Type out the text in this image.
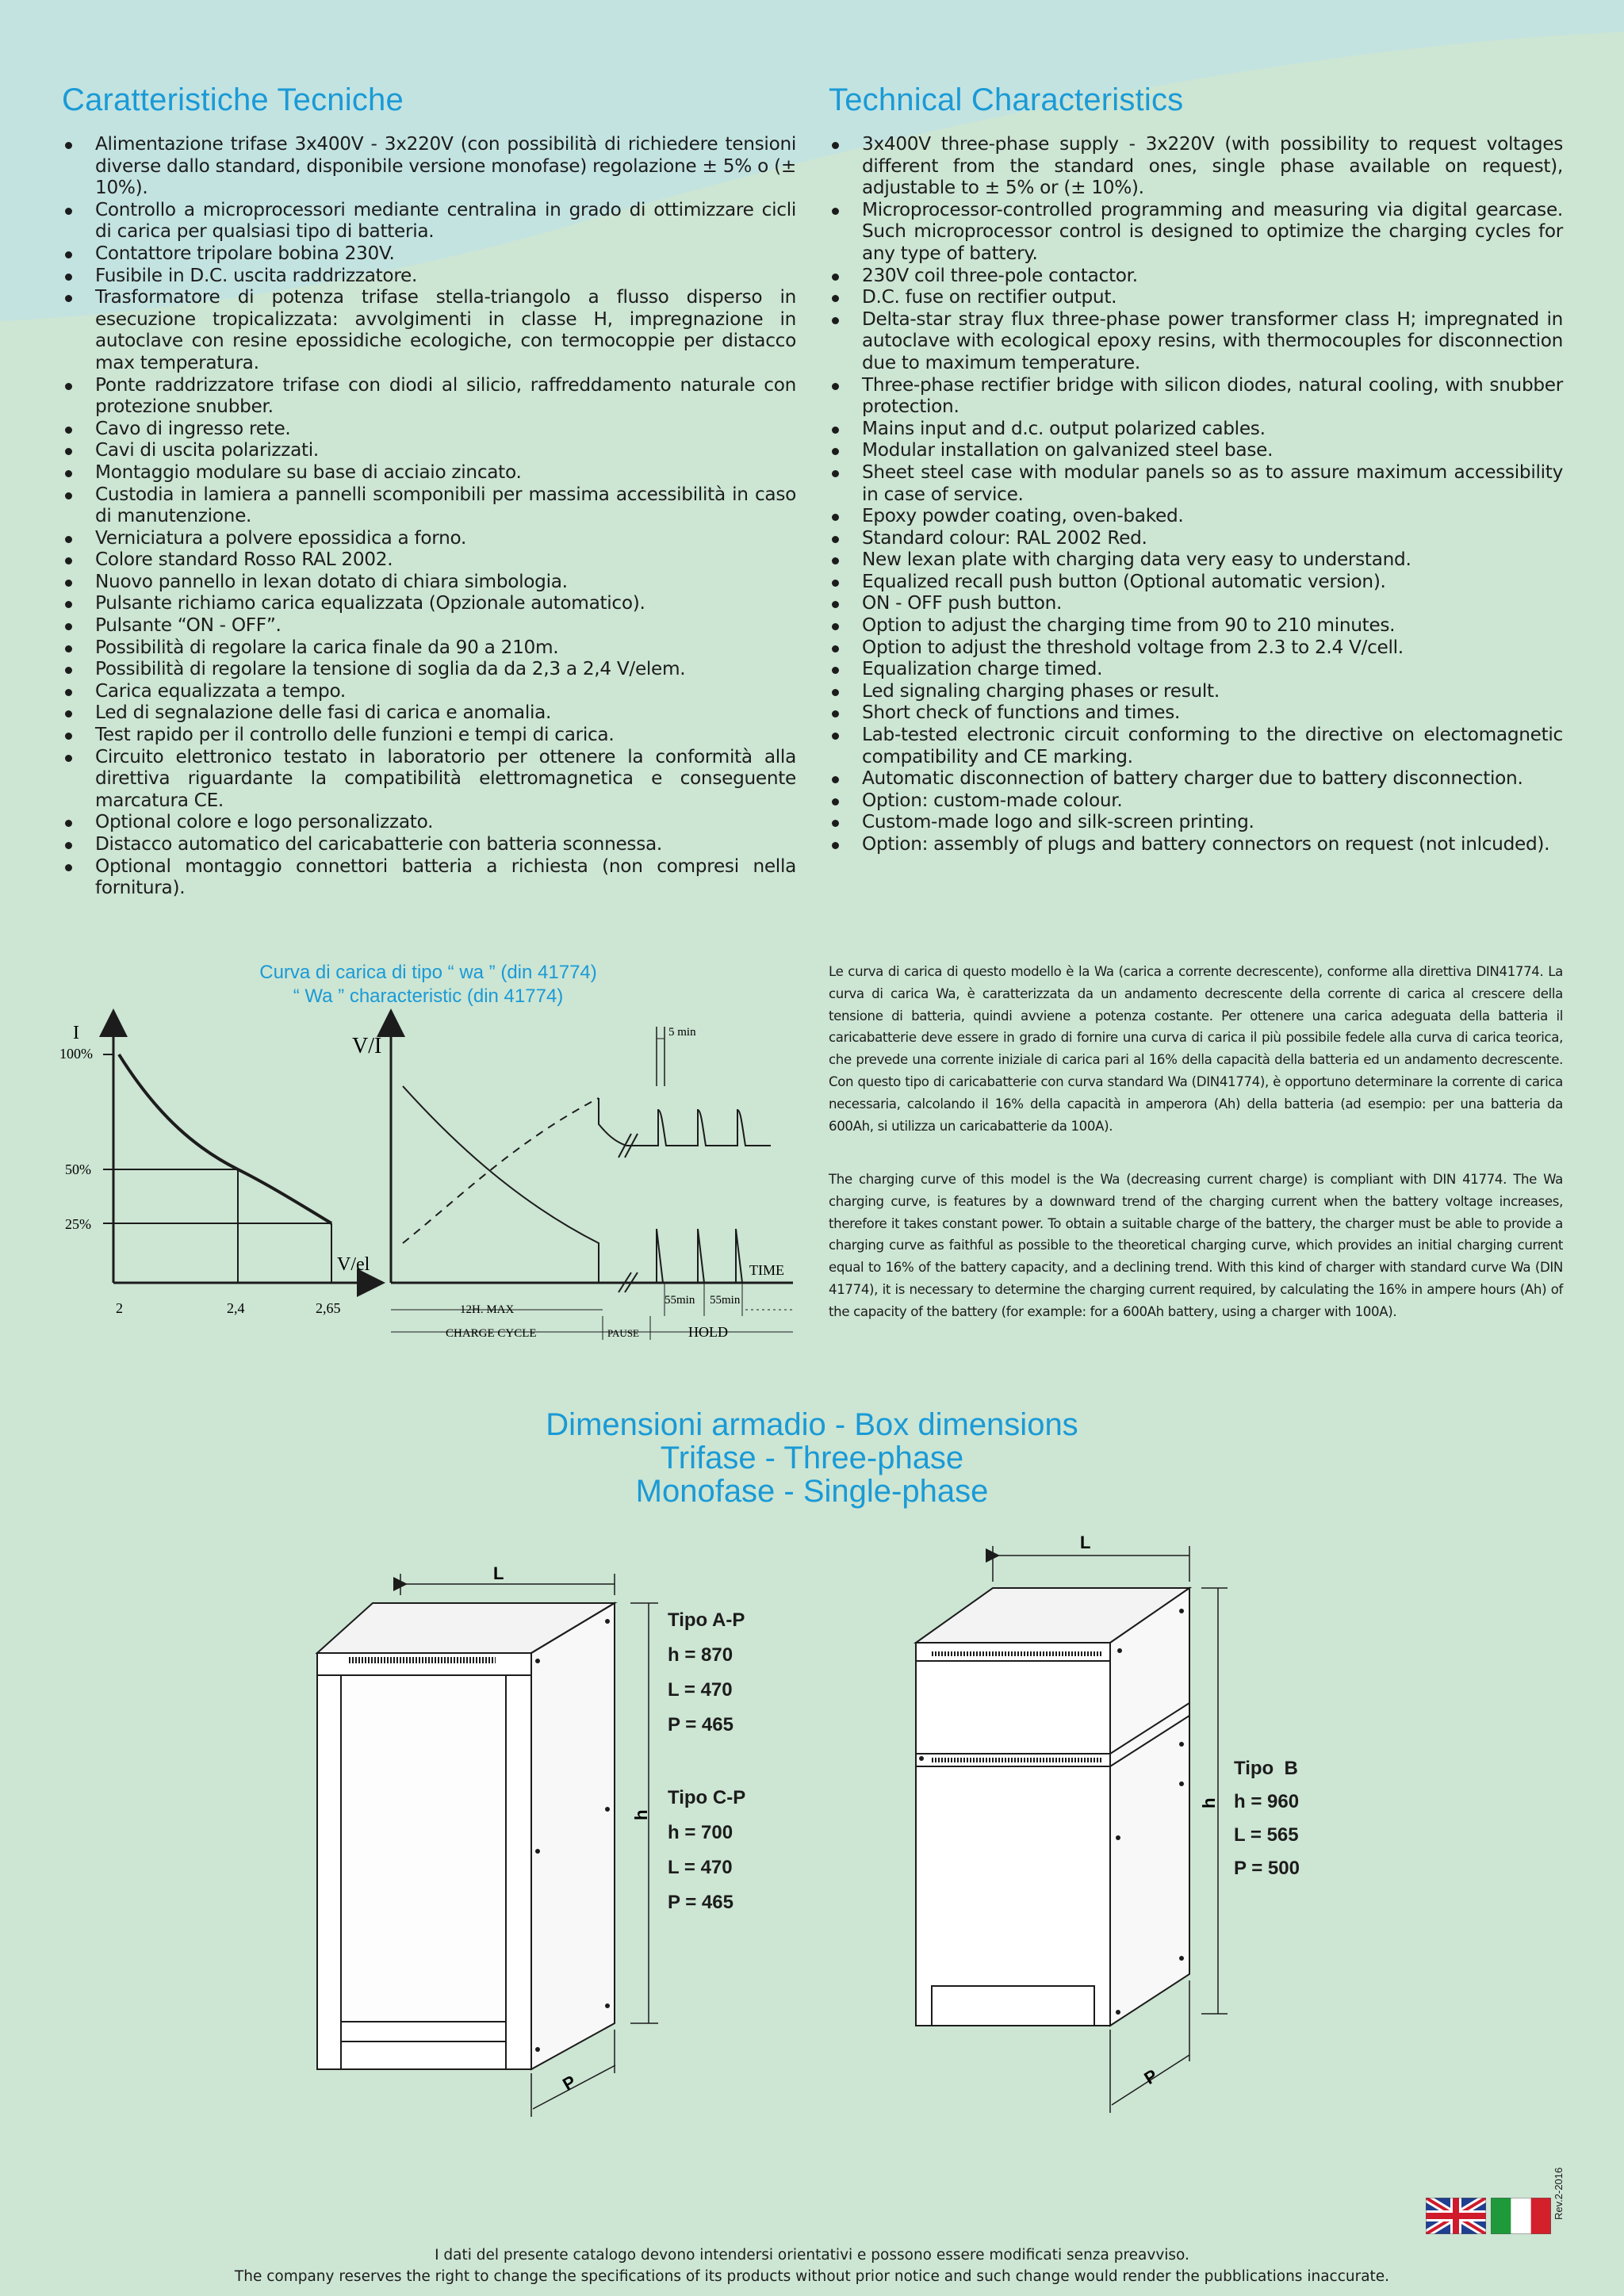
Caratteristiche Tecniche
Alimentazione trifase 3x400V - 3x220V (con possibilità di richiedere tensioni diverse dallo standard, disponibile versione monofase) regolazione ± 5% o (± 10%).
Controllo a microprocessori mediante centralina in grado di ottimizzare cicli di carica per qualsiasi tipo di batteria.
Contattore tripolare bobina 230V.
Fusibile in D.C. uscita raddrizzatore.
Trasformatore di potenza trifase stella-triangolo a flusso disperso in esecuzione tropicalizzata: avvolgimenti in classe H, impregnazione in autoclave con resine epossidiche ecologiche, con termocoppie per distacco max temperatura.
Ponte raddrizzatore trifase con diodi al silicio, raffreddamento naturale con protezione snubber.
Cavo di ingresso rete.
Cavi di uscita polarizzati.
Montaggio modulare su base di acciaio zincato.
Custodia in lamiera a pannelli scomponibili per massima accessibilità in caso di manutenzione.
Verniciatura a polvere epossidica a forno.
Colore standard Rosso RAL 2002.
Nuovo pannello in lexan dotato di chiara simbologia.
Pulsante richiamo carica equalizzata (Opzionale automatico).
Pulsante “ON - OFF”.
Possibilità di regolare la carica finale da 90 a 210m.
Possibilità di regolare la tensione di soglia da da 2,3 a 2,4 V/elem.
Carica equalizzata a tempo.
Led di segnalazione delle fasi di carica e anomalia.
Test rapido per il controllo delle funzioni e tempi di carica.
Circuito elettronico testato in laboratorio per ottenere la conformità alla direttiva riguardante la compatibilità elettromagnetica e conseguente marcatura CE.
Optional colore e logo personalizzato.
Distacco automatico del caricabatterie con batteria sconnessa.
Optional montaggio connettori batteria a richiesta (non compresi nella fornitura).
Technical Characteristics
3x400V three-phase supply - 3x220V (with possibility to request voltages different from the standard ones, single phase available on request), adjustable to ± 5% or (± 10%).
Microprocessor-controlled programming and measuring via digital gearcase. Such microprocessor control is designed to optimize the charging cycles for any type of battery.
230V coil three-pole contactor.
D.C. fuse on rectifier output.
Delta-star stray flux three-phase power transformer class H; impregnated in autoclave with ecological epoxy resins, with thermocouples for disconnection due to maximum temperature.
Three-phase rectifier bridge with silicon diodes, natural cooling, with snubber protection.
Mains input and d.c. output polarized cables.
Modular installation on galvanized steel base.
Sheet steel case with modular panels so as to assure maximum accessibility in case of service.
Epoxy powder coating, oven-baked.
Standard colour: RAL 2002 Red.
New lexan plate with charging data very easy to understand.
Equalized recall push button (Optional automatic version).
ON - OFF push button.
Option to adjust the charging time from 90 to 210 minutes.
Option to adjust the threshold voltage from 2.3 to 2.4 V/cell.
Equalization charge timed.
Led signaling charging phases or result.
Short check of functions and times.
Lab-tested electronic circuit conforming to the directive on electomagnetic compatibility and CE marking.
Automatic disconnection of battery charger due to battery disconnection.
Option: custom-made colour.
Custom-made logo and silk-screen printing.
Option: assembly of plugs and battery connectors on request (not inlcuded).
Curva di carica di tipo “ wa ” (din 41774)
“ Wa ” characteristic (din 41774)
I
100%
50%
25%
V/el
2	2,4	2,65
V/I
TIME
5 min
55min 55min
12H. MAX
CHARGE CYCLE	PAUSE	HOLD

Le curva di carica di questo modello è la Wa (carica a corrente decrescente), conforme alla direttiva DIN41774. La curva di carica Wa, è caratterizzata da un andamento decrescente della corrente di carica al crescere della tensione di batteria, quindi avviene a potenza costante. Per ottenere una carica adeguata della batteria il caricabatterie deve essere in grado di fornire una curva di carica il più possibile fedele alla curva di carica teorica, che prevede una corrente iniziale di carica pari al 16% della capacità della batteria ed un andamento decrescente. Con questo tipo di caricabatterie con curva standard Wa (DIN41774), è opportuno determinare la corrente di carica necessaria, calcolando il 16% della capacità in amperora (Ah) della batteria (ad esempio: per una batteria da 600Ah, si utilizza un caricabatterie da 100A).

The charging curve of this model is the Wa (decreasing current charge) is compliant with DIN 41774. The Wa charging curve, is features by a downward trend of the charging current when the battery voltage increases, therefore it takes constant power. To obtain a suitable charge of the battery, the charger must be able to provide a charging curve as faithful as possible to the theoretical charging curve, which provides an initial charging current equal to 16% of the battery capacity, and a declining trend. With this kind of charger with standard curve Wa (DIN 41774), it is necessary to determine the charging current required, by calculating the 16% in ampere hours (Ah) of the capacity of the battery (for example: for a 600Ah battery, using a charger with 100A).

Dimensioni armadio - Box dimensions
Trifase - Three-phase
Monofase - Single-phase
L
h
P
L
h
P
Tipo A-P
h = 870
L = 470
P = 465
Tipo C-P
h = 700
L = 470
P = 465
Tipo  B
h = 960
L = 565
P = 500
Rev.2-2016
I dati del presente catalogo devono intendersi orientativi e possono essere modificati senza preavviso.
The company reserves the right to change the specifications of its products without prior notice and such change would render the pubblications inaccurate.
